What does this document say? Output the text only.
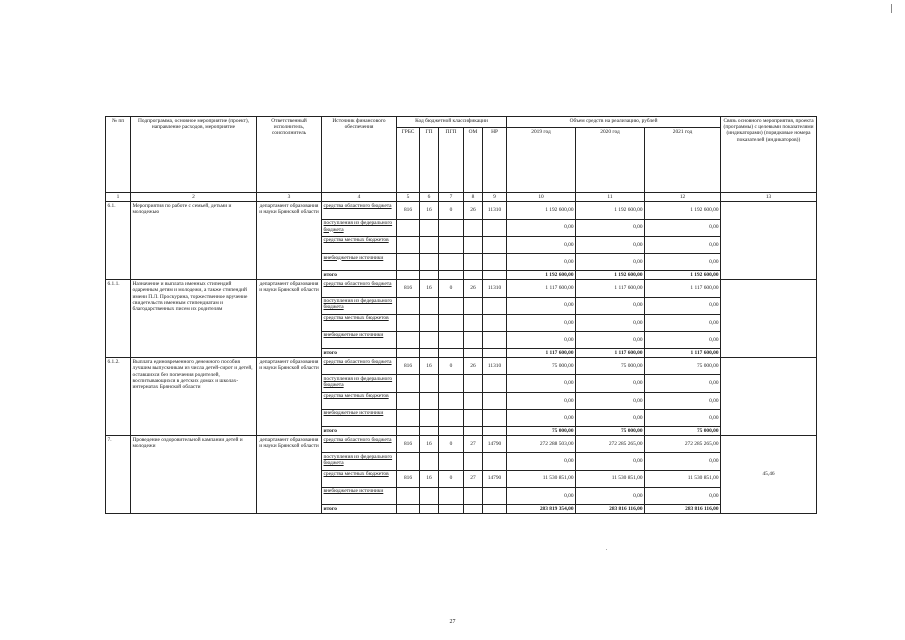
№ пп	Подпрограмма, основное мероприятие (проект), направление расходов, мероприятие	Ответственный исполнитель, соисполнитель	Источник финансового обеспечения	Код бюджетной классификации					Объем средств на реализацию, рублей			Связь основного мероприятия, проекта (программы) с целевыми показателями (индикаторами) (порядковые номера показателей (индикаторов))
				ГРБС	ГП	ПГП	ОМ	НР	2019 год	2020 год	2021 год	
1	2	3	4	5	6	7	8	9	10	11	12	13
6.1.	Мероприятия по работе с семьей, детьми и молодежью	департамент образования и науки Брянской области	средства областного бюджета	816	16	0	26	11310	1 192 600,00	1 192 600,00	1 192 600,00	
			поступления из федерального бюджета						0,00	0,00	0,00	
			средства местных бюджетов						0,00	0,00	0,00	
			внебюджетные источники						0,00	0,00	0,00	
			итого						1 192 600,00	1 192 600,00	1 192 600,00	
6.1.1.	Назначение и выплата именных стипендий одаренным детям и молодежи, а также стипендий имени П.Л. Проскурина, торжественное вручение свидетельств именным стипендиатам и благодарственных писем их родителям	департамент образования и науки Брянской области	средства областного бюджета	816	16	0	26	11310	1 117 600,00	1 117 600,00	1 117 600,00	
			поступления из федерального бюджета						0,00	0,00	0,00	
			средства местных бюджетов						0,00	0,00	0,00	
			внебюджетные источники						0,00	0,00	0,00	
			итого						1 117 600,00	1 117 600,00	1 117 600,00	
6.1.2.	Выплата единовременного денежного пособия лучшим выпускникам из числа детей-сирот и детей, оставшихся без попечения родителей, воспитывающихся в детских домах и школах-интернатах Брянской области	департамент образования и науки Брянской области	средства областного бюджета	816	16	0	26	11310	75 000,00	75 000,00	75 000,00	
			поступления из федерального бюджета						0,00	0,00	0,00	
			средства местных бюджетов						0,00	0,00	0,00	
			внебюджетные источники						0,00	0,00	0,00	
			итого						75 000,00	75 000,00	75 000,00	
7.	Проведение оздоровительной кампании детей и молодежи	департамент образования и науки Брянской области	средства областного бюджета	816	16	0	27	14790	272 288 503,00	272 285 265,00	272 285 265,00	45,46
			поступления из федерального бюджета						0,00	0,00	0,00	
			средства местных бюджетов	816	16	0	27	14790	11 530 851,00	11 530 851,00	11 530 851,00	
			внебюджетные источники						0,00	0,00	0,00	
			итого						283 819 354,00	283 816 116,00	283 816 116,00	
27
